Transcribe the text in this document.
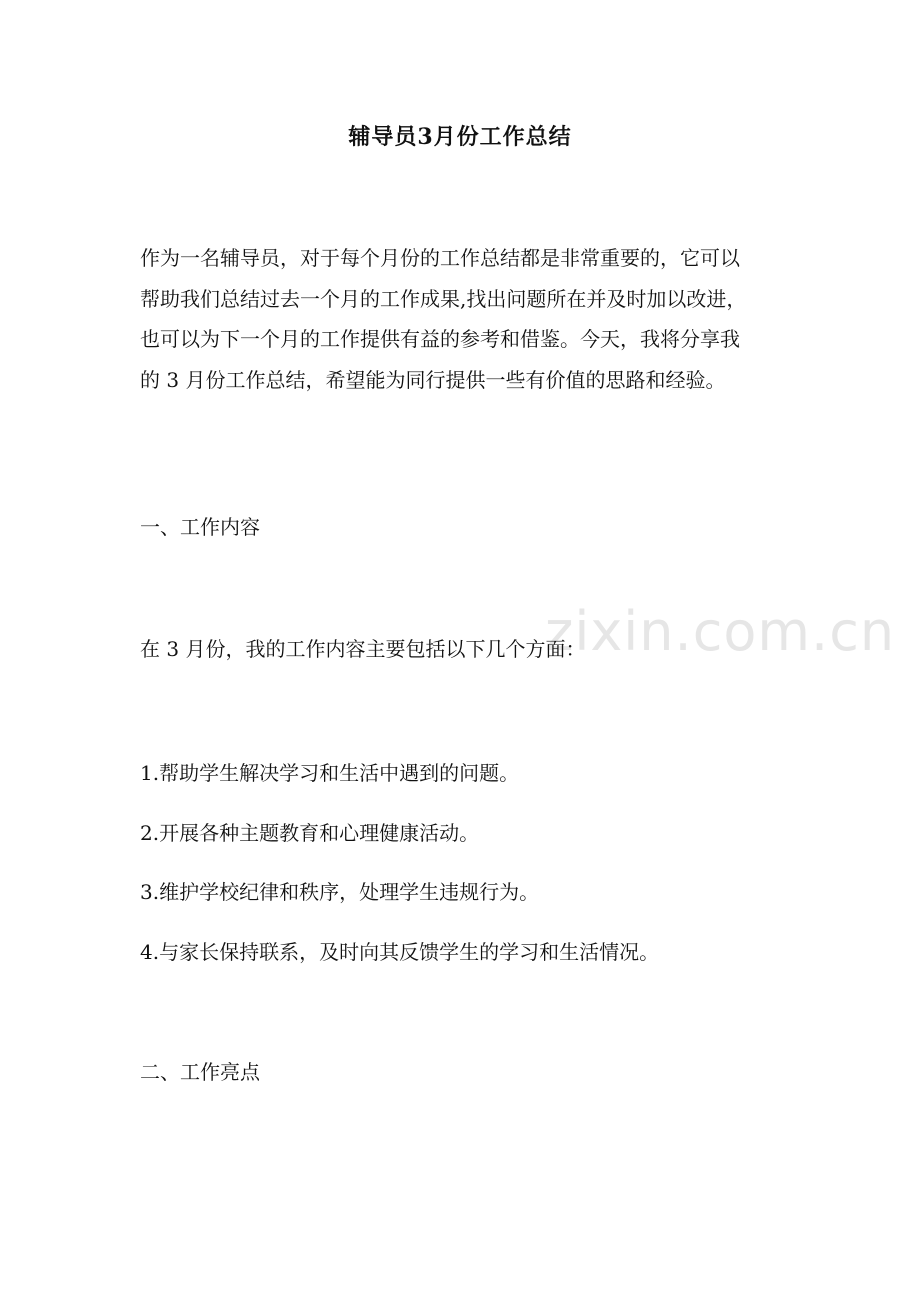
zixin.com.cn
辅导员3月份工作总结
作为一名辅导员，对于每个月份的工作总结都是非常重要的，它可以
帮助我们总结过去一个月的工作成果,找出问题所在并及时加以改进，
也可以为下一个月的工作提供有益的参考和借鉴。今天，我将分享我
的 3 月份工作总结，希望能为同行提供一些有价值的思路和经验。
一、工作内容
在 3 月份，我的工作内容主要包括以下几个方面：
1.帮助学生解决学习和生活中遇到的问题。
2.开展各种主题教育和心理健康活动。
3.维护学校纪律和秩序，处理学生违规行为。
4.与家长保持联系，及时向其反馈学生的学习和生活情况。
二、工作亮点
